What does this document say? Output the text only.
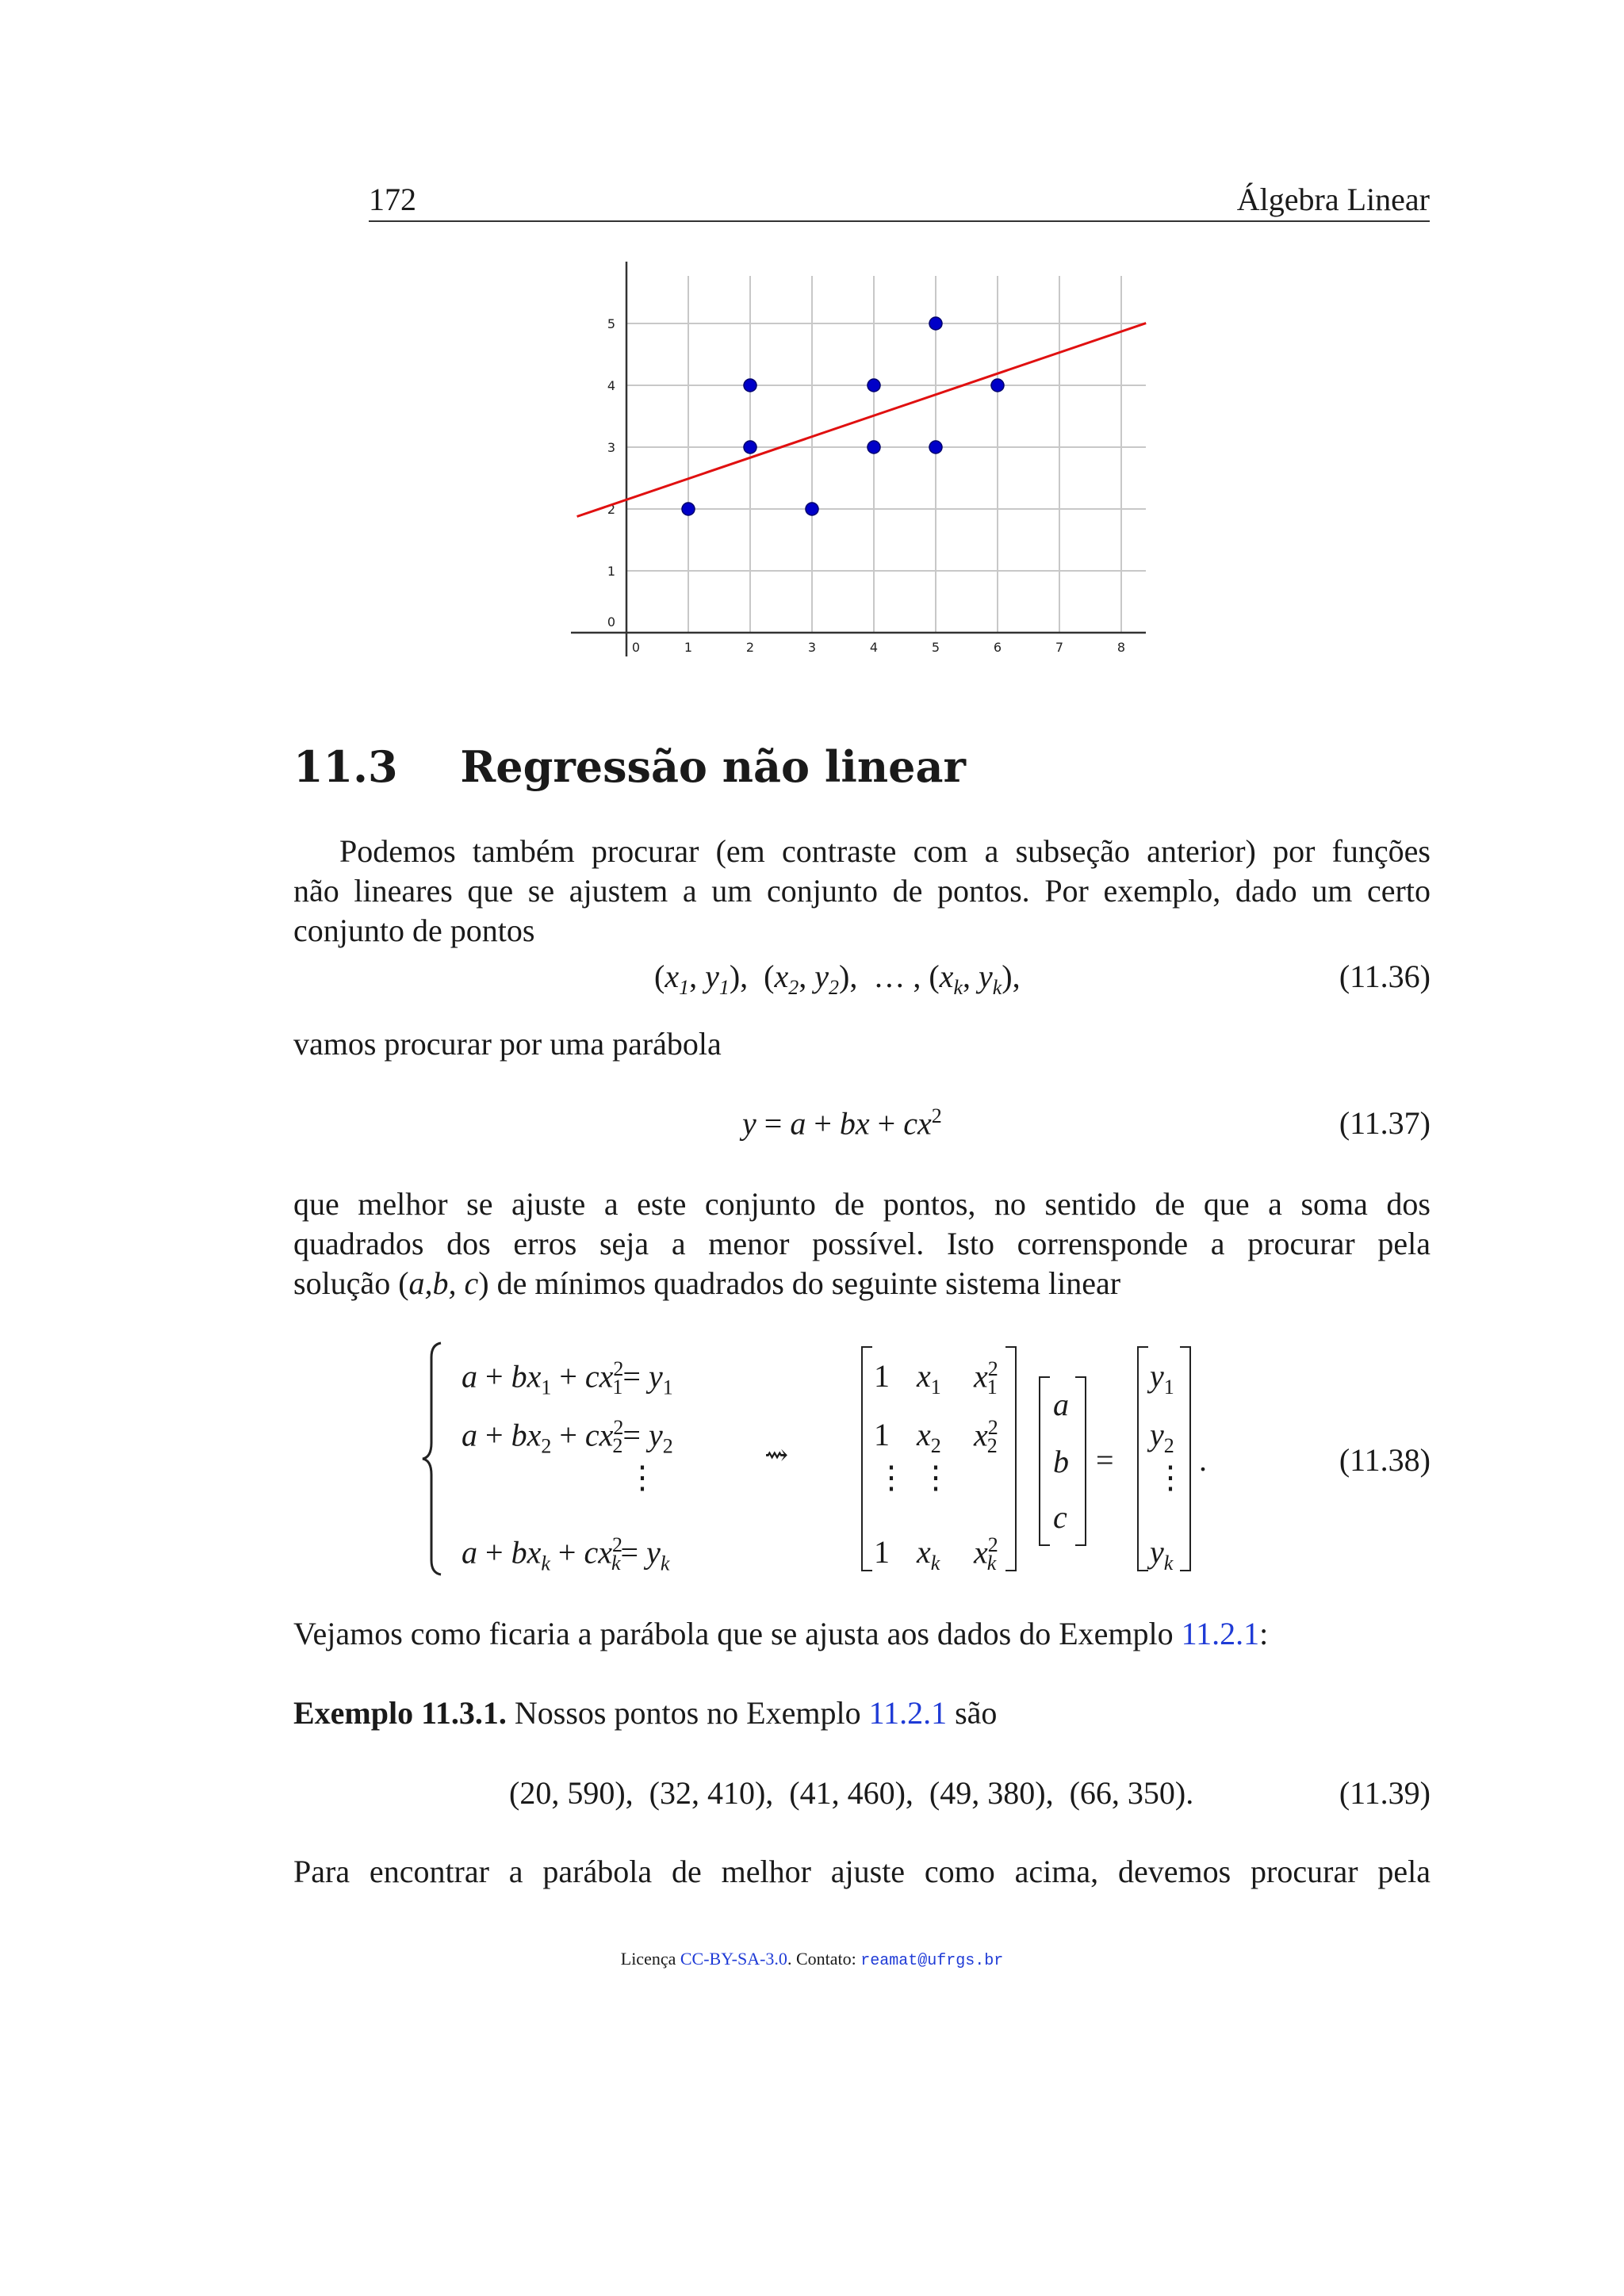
172	Álgebra Linear
0	1	2	3	4	5	6	7	8
0
1
2
3
4
5
11.3 Regressão não linear
Podemos também procurar (em contraste com a subseção anterior) por funções
não lineares que se ajustem a um conjunto de pontos. Por exemplo, dado um certo
conjunto de pontos
($x_1$, $y_1$),  ($x_2$, $y_2$),  … , ($x_k$, $y_k$),	(11.36)
vamos procurar por uma parábola
y = a + bx + $cx^2$	(11.37)
que melhor se ajuste a este conjunto de pontos, no sentido de que a soma dos
quadrados dos erros seja a menor possível. Isto corrensponde a procurar pela
solução (a,b, c) de mínimos quadrados do seguinte sistema linear
$a + bx_1 + cx^2_1= y_1$
$a + bx_2 + cx^2_2= y_2$
⋮
$a + bx_k + cx^2_k= y_k$
⇝
1 $x_1$ $x^2_1$
1 $x_2$ $x^2_2$
⋮ ⋮
1 $x_k$ $x^2_k$
a
b
c
=
$y_1$
$y_2$
⋮
$y_k$
.	(11.38)
Vejamos como ficaria a parábola que se ajusta aos dados do Exemplo 11.2.1:
Exemplo 11.3.1. Nossos pontos no Exemplo 11.2.1 são
(20, 590),  (32, 410),  (41, 460),  (49, 380),  (66, 350).	(11.39)
Para encontrar a parábola de melhor ajuste como acima, devemos procurar pela
Licença CC-BY-SA-3.0. Contato: reamat@ufrgs.br
